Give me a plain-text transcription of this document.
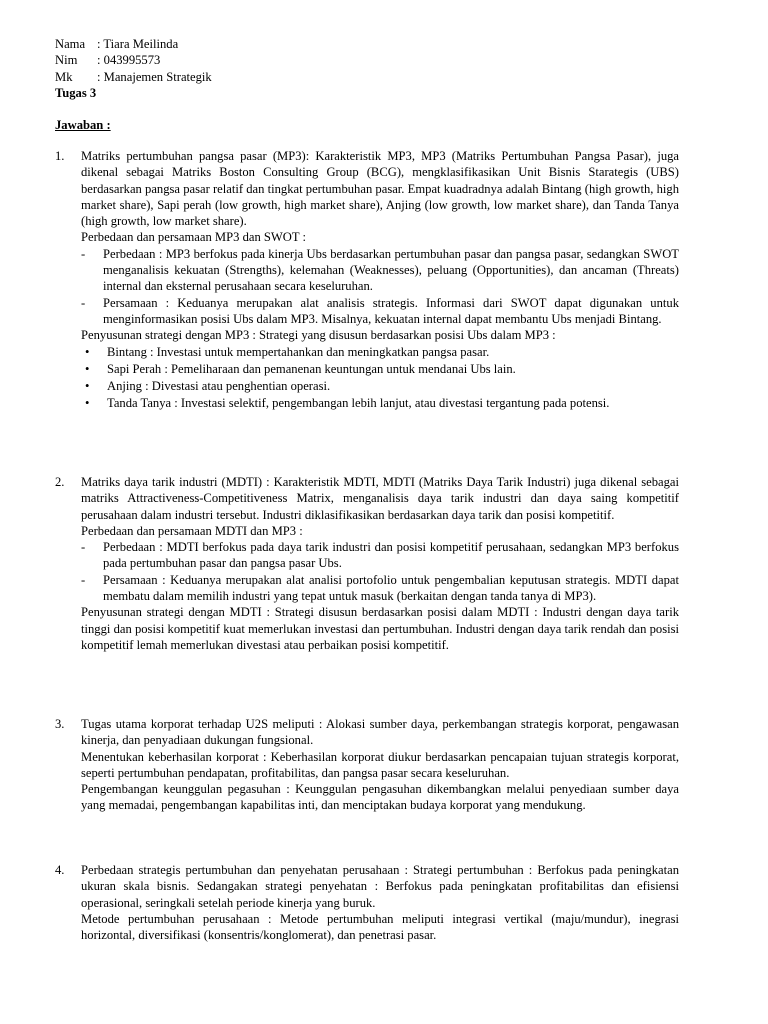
Nama : Tiara Meilinda
Nim	: 043995573
Mk	: Manajemen Strategik
Tugas 3
Jawaban :
1.	Matriks pertumbuhan pangsa pasar (MP3): Karakteristik MP3, MP3 (Matriks Pertumbuhan Pangsa Pasar), juga dikenal sebagai Matriks Boston Consulting Group (BCG), mengklasifikasikan Unit Bisnis Starategis (UBS) berdasarkan pangsa pasar relatif dan tingkat pertumbuhan pasar. Empat kuadradnya adalah Bintang (high growth, high market share), Sapi perah (low growth, high market share), Anjing (low growth, low market share), dan Tanda Tanya (high growth, low market share).

Perbedaan dan persamaan MP3 dan SWOT :

-	Perbedaan : MP3 berfokus pada kinerja Ubs berdasarkan pertumbuhan pasar dan pangsa pasar, sedangkan SWOT menganalisis kekuatan (Strengths), kelemahan (Weaknesses), peluang (Opportunities), dan ancaman (Threats) internal dan eksternal perusahaan secara keseluruhan.
-	Persamaan : Keduanya merupakan alat analisis strategis. Informasi dari SWOT dapat digunakan untuk menginformasikan posisi Ubs dalam MP3. Misalnya, kekuatan internal dapat membantu Ubs menjadi Bintang.

Penyusunan strategi dengan MP3 : Strategi yang disusun berdasarkan posisi Ubs dalam MP3 :

•	Bintang : Investasi untuk mempertahankan dan meningkatkan pangsa pasar.
•	Sapi Perah : Pemeliharaan dan pemanenan keuntungan untuk mendanai Ubs lain.
•	Anjing : Divestasi atau penghentian operasi.
•	Tanda Tanya : Investasi selektif, pengembangan lebih lanjut, atau divestasi tergantung pada potensi.
2.	Matriks daya tarik industri (MDTI) : Karakteristik MDTI, MDTI (Matriks Daya Tarik Industri) juga dikenal sebagai matriks Attractiveness-Competitiveness Matrix, menganalisis daya tarik industri dan daya saing kompetitif perusahaan dalam industri tersebut. Industri diklasifikasikan berdasarkan daya tarik dan posisi kompetitif.

Perbedaan dan persamaan MDTI dan MP3 :

-	Perbedaan : MDTI berfokus pada daya tarik industri dan posisi kompetitif perusahaan, sedangkan MP3 berfokus pada pertumbuhan pasar dan pangsa pasar Ubs.
-	Persamaan : Keduanya merupakan alat analisi portofolio untuk pengembalian keputusan strategis. MDTI dapat membatu dalam memilih industri yang tepat untuk masuk (berkaitan dengan tanda tanya di MP3).

Penyusunan strategi dengan MDTI : Strategi disusun berdasarkan posisi dalam MDTI : Industri dengan daya tarik tinggi dan posisi kompetitif kuat memerlukan investasi dan pertumbuhan. Industri dengan daya tarik rendah dan posisi kompetitif lemah memerlukan divestasi atau perbaikan posisi kompetitif.

3.	Tugas utama korporat terhadap U2S meliputi : Alokasi sumber daya, perkembangan strategis korporat, pengawasan kinerja, dan penyadiaan dukungan fungsional.

Menentukan keberhasilan korporat : Keberhasilan korporat diukur berdasarkan pencapaian tujuan strategis korporat, seperti pertumbuhan pendapatan, profitabilitas, dan pangsa pasar secara keseluruhan.

Pengembangan keunggulan pegasuhan : Keunggulan pengasuhan dikembangkan melalui penyediaan sumber daya yang memadai, pengembangan kapabilitas inti, dan menciptakan budaya korporat yang mendukung.

4.	Perbedaan strategis pertumbuhan dan penyehatan perusahaan : Strategi pertumbuhan : Berfokus pada peningkatan ukuran skala bisnis. Sedangakan strategi penyehatan : Berfokus pada peningkatan profitabilitas dan efisiensi operasional, seringkali setelah periode kinerja yang buruk.

Metode pertumbuhan perusahaan : Metode pertumbuhan meliputi integrasi vertikal (maju/mundur), inegrasi horizontal, diversifikasi (konsentris/konglomerat), dan penetrasi pasar.
